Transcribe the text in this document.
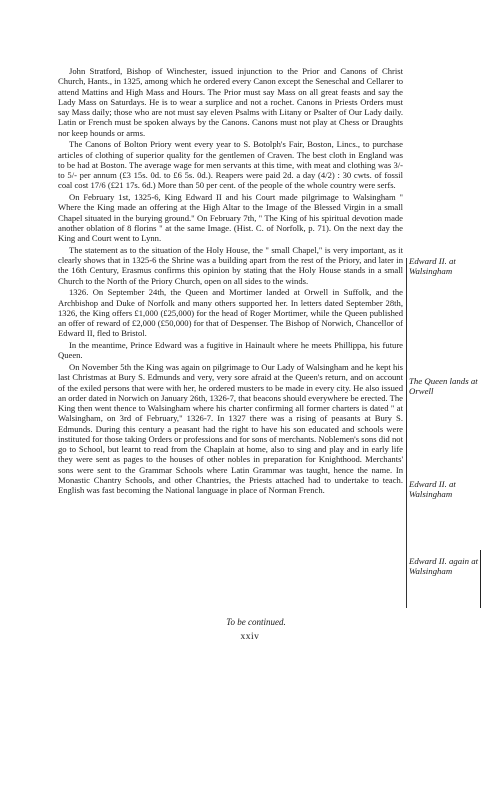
John Stratford, Bishop of Winchester, issued injunction to the Prior and Canons of Christ Church, Hants., in 1325, among which he ordered every Canon except the Seneschal and Cellarer to attend Mattins and High Mass and Hours. The Prior must say Mass on all great feasts and say the Lady Mass on Saturdays. He is to wear a surplice and not a rochet. Canons in Priests Orders must say Mass daily; those who are not must say eleven Psalms with Litany or Psalter of Our Lady daily. Latin or French must be spoken always by the Canons. Canons must not play at Chess or Draughts nor keep hounds or arms.

The Canons of Bolton Priory went every year to S. Botolph's Fair, Boston, Lincs., to purchase articles of clothing of superior quality for the gentlemen of Craven. The best cloth in England was to be had at Boston. The average wage for men servants at this time, with meat and clothing was 3/- to 5/- per annum (£3 15s. 0d. to £6 5s. 0d.). Reapers were paid 2d. a day (4/2) : 30 cwts. of fossil coal cost 17/6 (£21 17s. 6d.) More than 50 per cent. of the people of the whole country were serfs.

On February 1st, 1325-6, King Edward II and his Court made pilgrimage to Walsingham " Where the King made an offering at the High Altar to the Image of the Blessed Virgin in a small Chapel situated in the burying ground." On February 7th, " The King of his spiritual devotion made another oblation of 8 florins " at the same Image. (Hist. C. of Norfolk, p. 71). On the next day the King and Court went to Lynn.

The statement as to the situation of the Holy House, the " small Chapel," is very important, as it clearly shows that in 1325-6 the Shrine was a building apart from the rest of the Priory, and later in the 16th Century, Erasmus confirms this opinion by stating that the Holy House stands in a small Church to the North of the Priory Church, open on all sides to the winds.

1326. On September 24th, the Queen and Mortimer landed at Orwell in Suffolk, and the Archbishop and Duke of Norfolk and many others supported her. In letters dated September 28th, 1326, the King offers £1,000 (£25,000) for the head of Roger Mortimer, while the Queen published an offer of reward of £2,000 (£50,000) for that of Despenser. The Bishop of Norwich, Chancellor of Edward II, fled to Bristol.

In the meantime, Prince Edward was a fugitive in Hainault where he meets Phillippa, his future Queen.

On November 5th the King was again on pilgrimage to Our Lady of Walsingham and he kept his last Christmas at Bury S. Edmunds and very, very sore afraid at the Queen's return, and on account of the exiled persons that were with her, he ordered musters to be made in every city. He also issued an order dated in Norwich on January 26th, 1326-7, that beacons should everywhere be erected. The King then went thence to Walsingham where his charter confirming all former charters is dated " at Walsingham, on 3rd of February," 1326-7. In 1327 there was a rising of peasants at Bury S. Edmunds. During this century a peasant had the right to have his son educated and schools were instituted for those taking Orders or professions and for sons of merchants. Noblemen's sons did not go to School, but learnt to read from the Chaplain at home, also to sing and play and in early life they were sent as pages to the houses of other nobles in preparation for Knighthood. Merchants' sons were sent to the Grammar Schools where Latin Grammar was taught, hence the name. In Monastic Chantry Schools, and other Chantries, the Priests attached had to undertake to teach. English was fast becoming the National language in place of Norman French.

Edward II. at Walsingham
The Queen lands at Orwell
Edward II. at Walsingham
Edward II. again at Walsingham
To be continued.
xxiv
